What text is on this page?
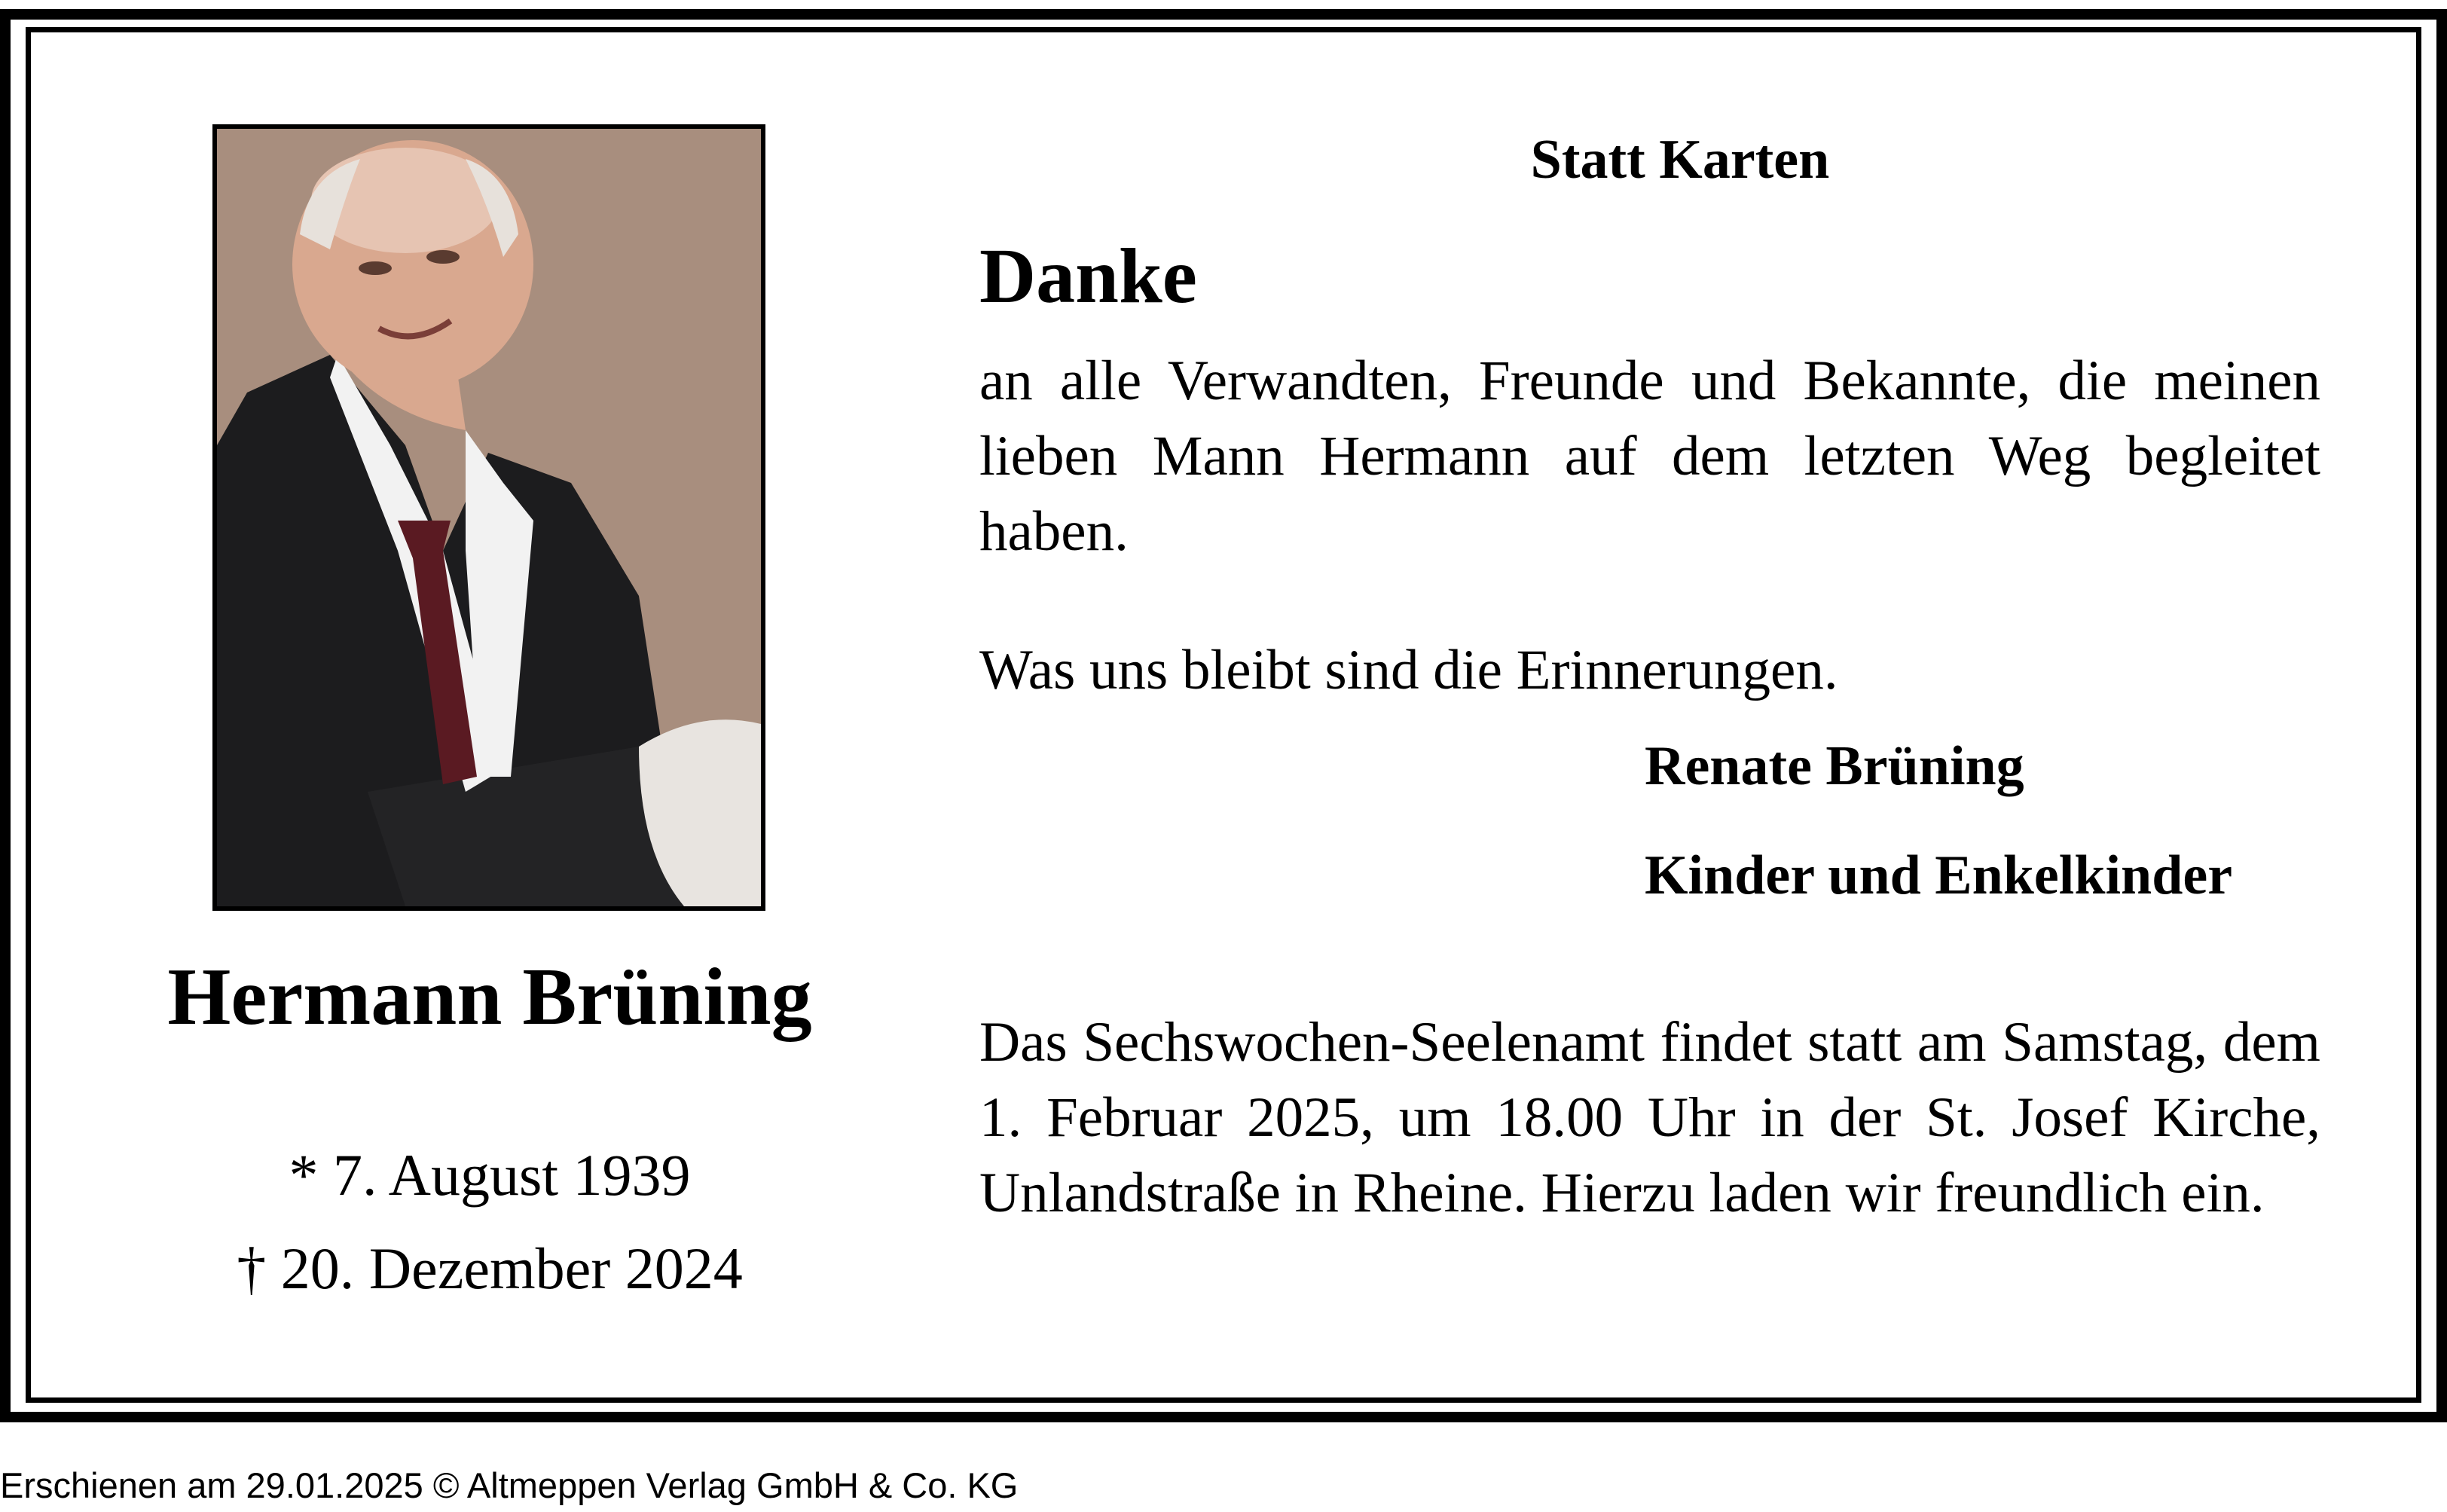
Hermann Brüning
* 7. August 1939
† 20. Dezember 2024
Statt Karten
Danke
an alle Verwandten, Freunde und Bekannte, die meinen lieben Mann Hermann auf dem letzten Weg begleitet haben.
Was uns bleibt sind die Erinnerungen.
Renate Brüning
Kinder und Enkelkinder
Das Sechswochen-Seelenamt findet statt am Samstag, dem 1. Februar 2025, um 18.00 Uhr in der St. Josef Kirche, Unlandstraße in Rheine. Hierzu laden wir freundlich ein.
Erschienen am 29.01.2025 © Altmeppen Verlag GmbH & Co. KG
